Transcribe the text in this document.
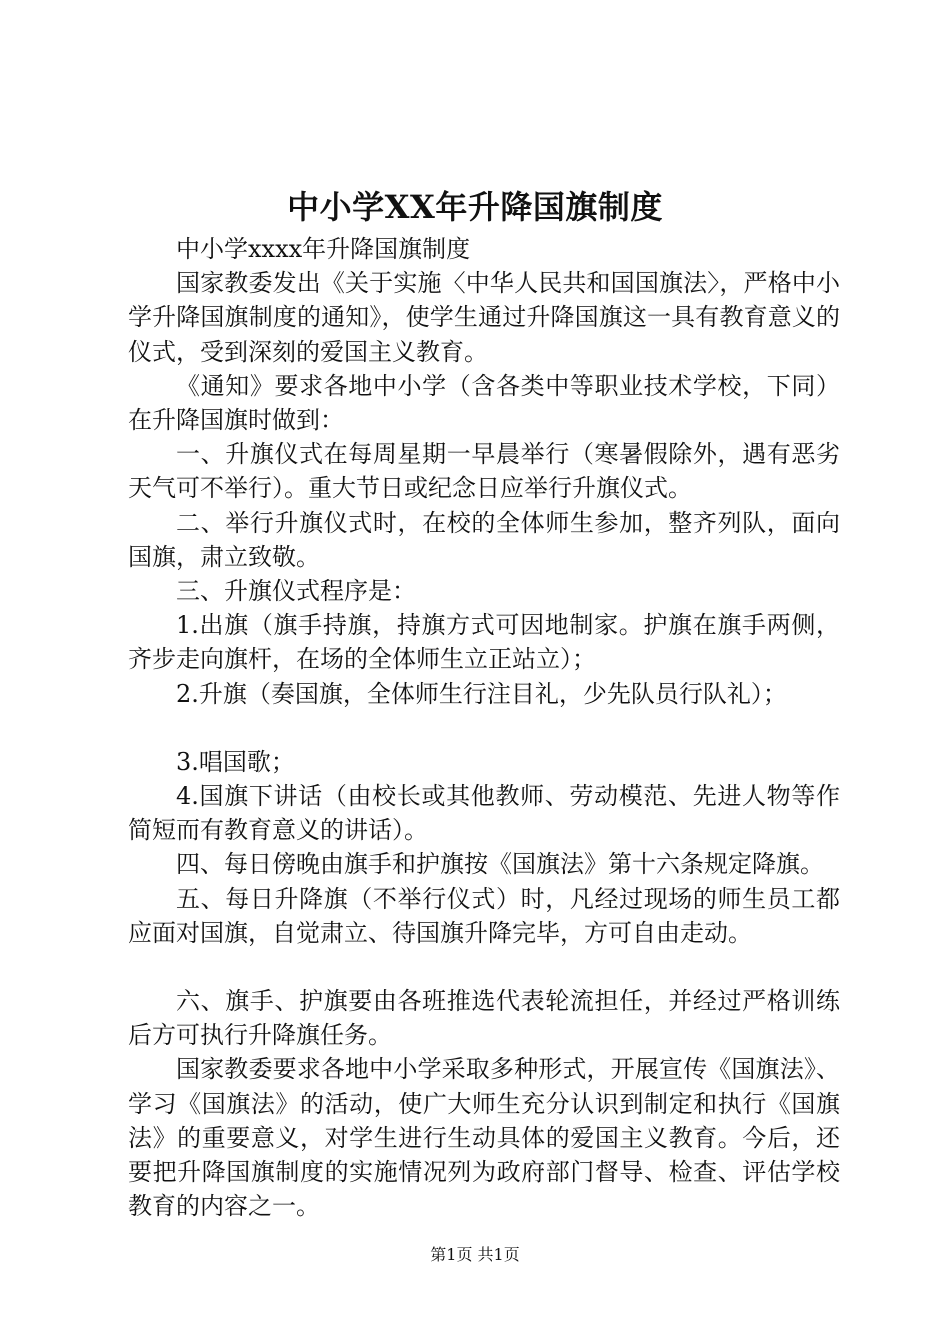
中小学XX年升降国旗制度

中小学xxxx年升降国旗制度

国家教委发出《关于实施〈中华人民共和国国旗法〉，严格中小学升降国旗制度的通知》，使学生通过升降国旗这一具有教育意义的仪式，受到深刻的爱国主义教育。

《通知》要求各地中小学（含各类中等职业技术学校，下同）在升降国旗时做到：

一、升旗仪式在每周星期一早晨举行（寒暑假除外，遇有恶劣天气可不举行）。重大节日或纪念日应举行升旗仪式。

二、举行升旗仪式时，在校的全体师生参加，整齐列队，面向国旗，肃立致敬。

三、升旗仪式程序是：

1.出旗（旗手持旗，持旗方式可因地制家。护旗在旗手两侧，齐步走向旗杆，在场的全体师生立正站立）；

2.升旗（奏国旗，全体师生行注目礼，少先队员行队礼）；

3.唱国歌；

4.国旗下讲话（由校长或其他教师、劳动模范、先进人物等作简短而有教育意义的讲话）。

四、每日傍晚由旗手和护旗按《国旗法》第十六条规定降旗。

五、每日升降旗（不举行仪式）时，凡经过现场的师生员工都应面对国旗，自觉肃立、待国旗升降完毕，方可自由走动。

六、旗手、护旗要由各班推选代表轮流担任，并经过严格训练后方可执行升降旗任务。

国家教委要求各地中小学采取多种形式，开展宣传《国旗法》、学习《国旗法》的活动，使广大师生充分认识到制定和执行《国旗法》的重要意义，对学生进行生动具体的爱国主义教育。今后，还要把升降国旗制度的实施情况列为政府部门督导、检查、评估学校教育的内容之一。

第1页 共1页
